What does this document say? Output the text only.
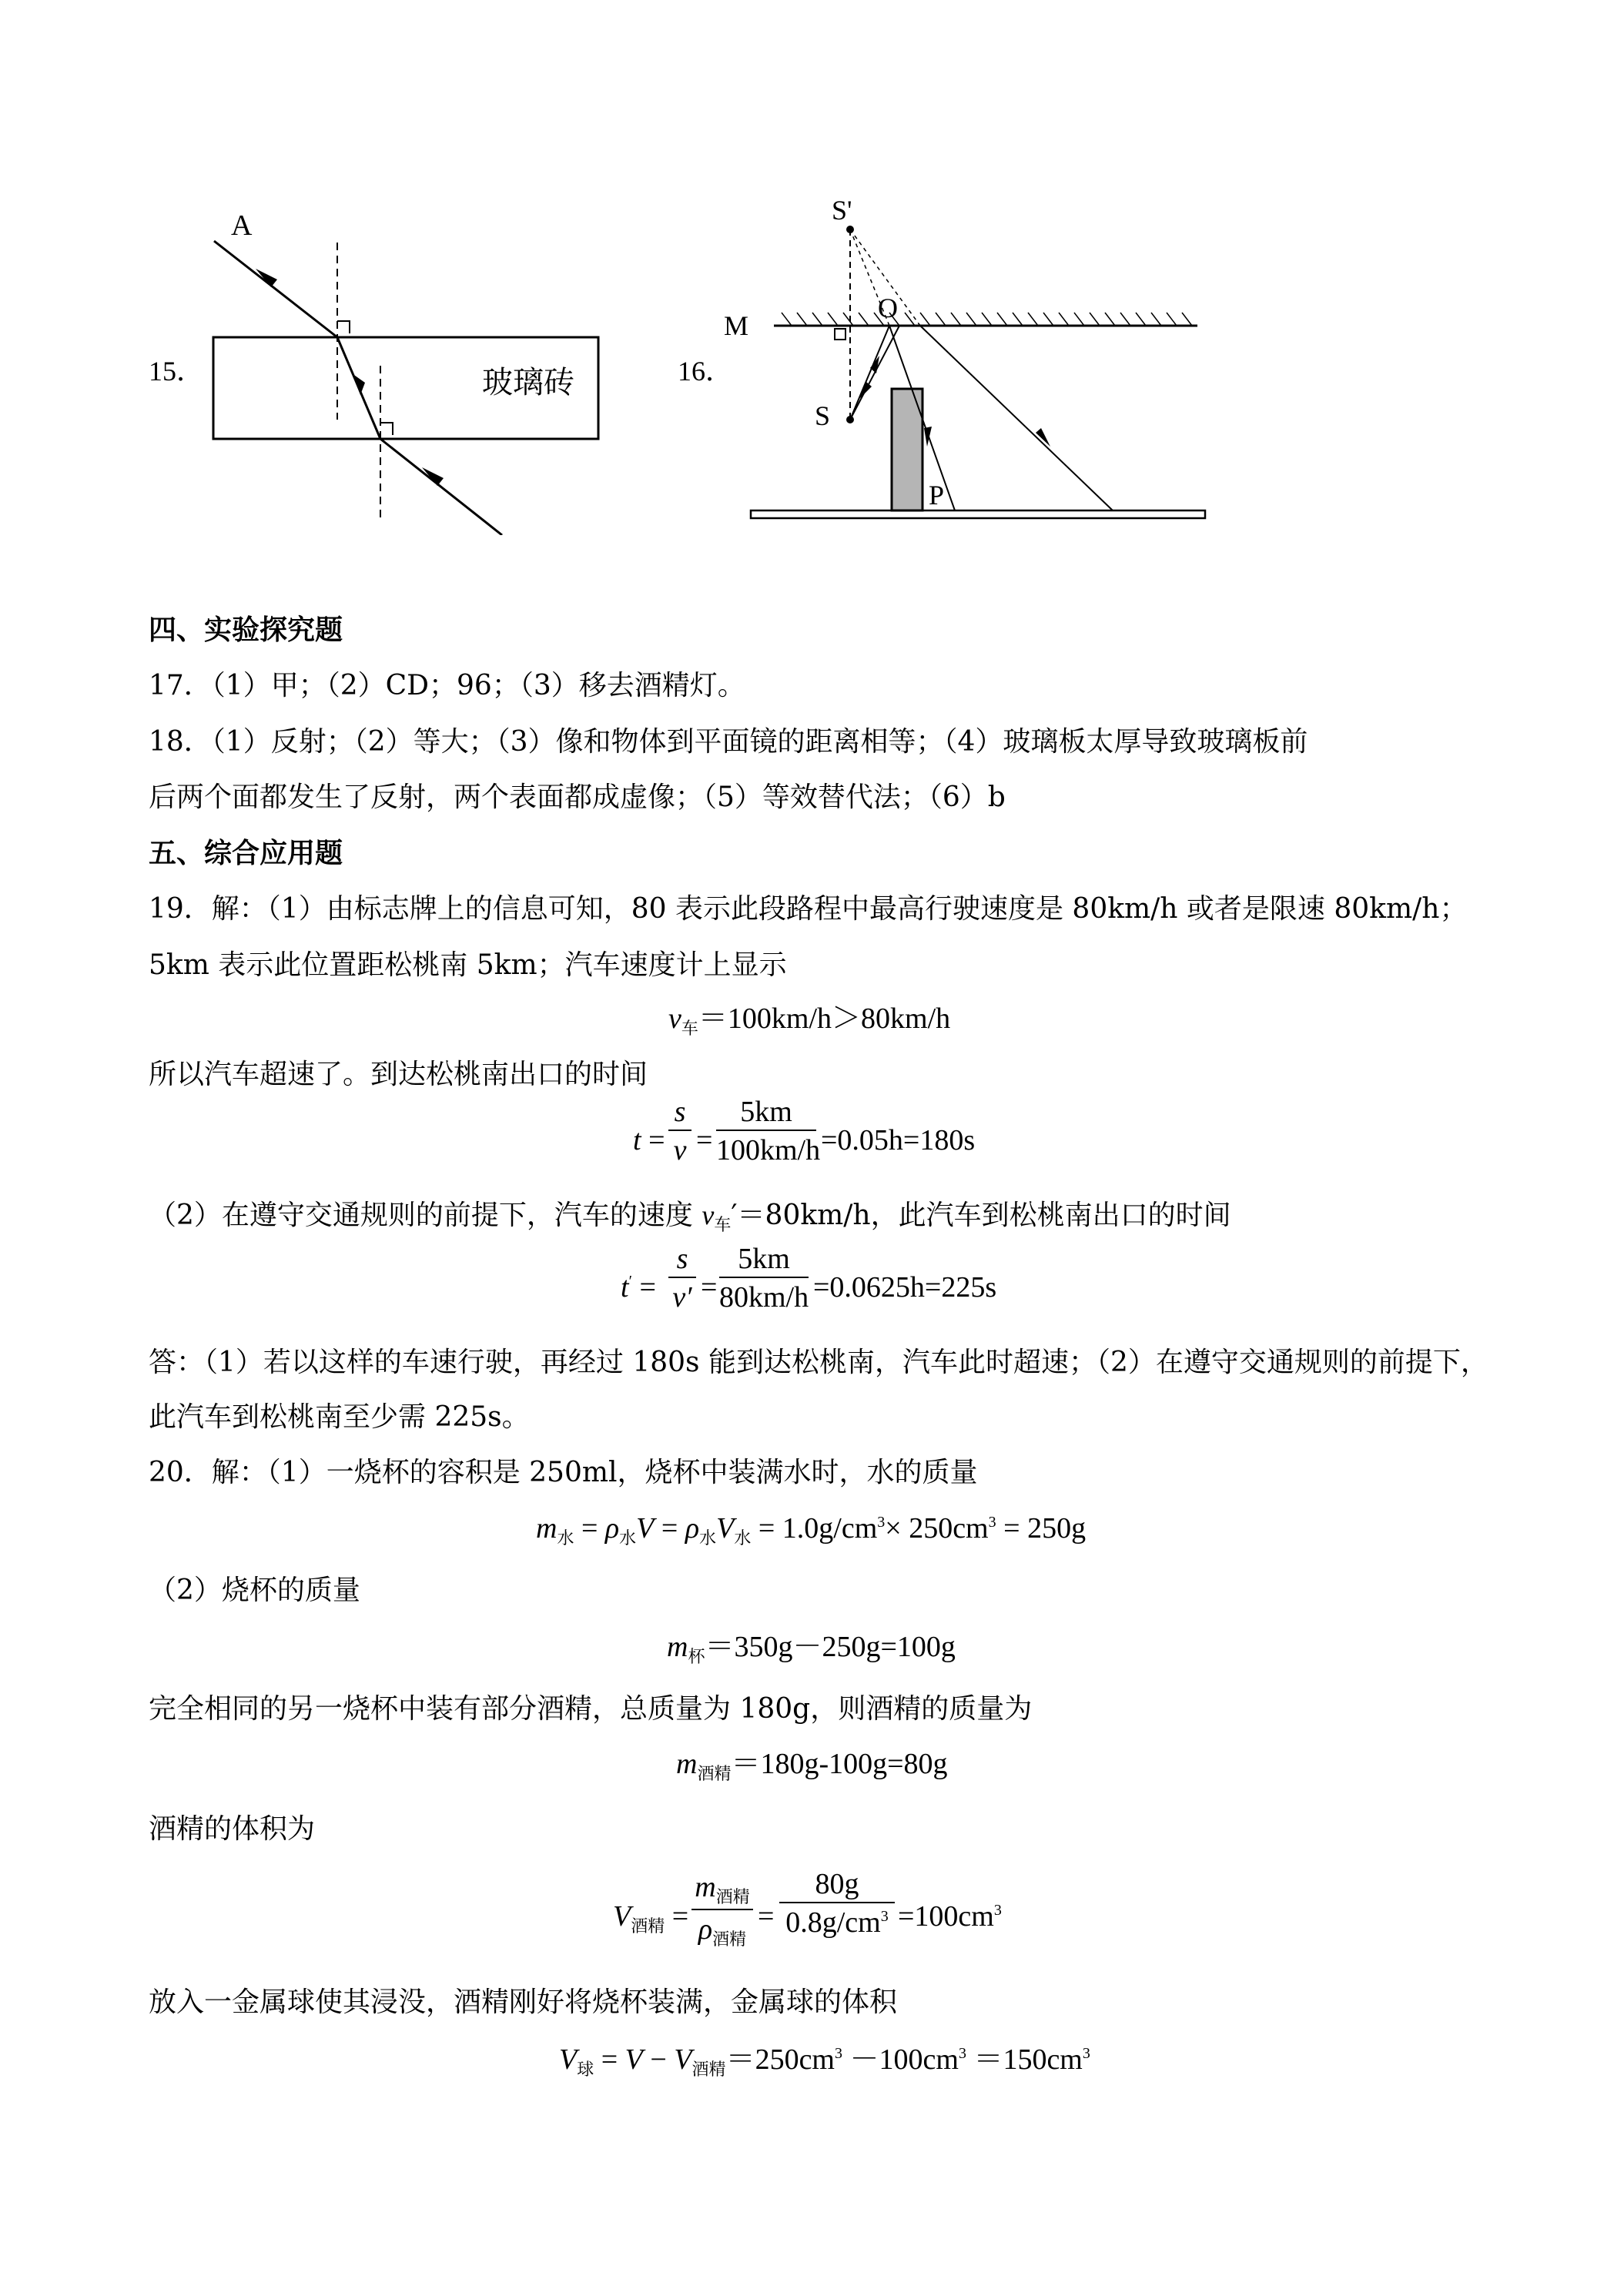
15．
A
玻璃砖	16．
S'
O
M
S
P
四、实验探究题
17．（1）甲；（2）CD；96；（3）移去酒精灯。
18．（1）反射；（2）等大；（3）像和物体到平面镜的距离相等；（4）玻璃板太厚导致玻璃板前
后两个面都发生了反射，两个表面都成虚像；（5）等效替代法；（6）b
五、综合应用题
19．解：（1）由标志牌上的信息可知，80 表示此段路程中最高行驶速度是 80km/h 或者是限速 80km/h；
5km 表示此位置距松桃南 5km；汽车速度计上显示
$v_车=100km/h>80km/h$
所以汽车超速了。到达松桃南出口的时间
t =
s
v =
5km
100km/h =0.05h=180s
（2）在遵守交通规则的前提下，汽车的速度 $v_车'=80km/h$，此汽车到松桃南出口的时间
t′ =
s
v′ =
5km
80km/h =0.0625h=225s
答：（1）若以这样的车速行驶，再经过 180s 能到达松桃南，汽车此时超速；（2）在遵守交通规则的前提下，
此汽车到松桃南至少需 225s。
20．解：（1）一烧杯的容积是 250ml，烧杯中装满水时，水的质量
$m_水 = \rho_水V = \rho_水V_水 = 1.0g/cm^3\times 250cm^3 = 250g$
（2）烧杯的质量
$m_杯=350g-250g=100g$
完全相同的另一烧杯中装有部分酒精，总质量为 180g，则酒精的质量为
$m_{酒精}=180g-100g=80g$
酒精的体积为
$V_{酒精}$ =
$m_{酒精}$
$\rho_{酒精}$
=
80g
$0.8g/cm^3 =100cm^3$
放入一金属球使其浸没，酒精刚好将烧杯装满，金属球的体积
$V_球 = V - V_{酒精}=250cm^3 -100cm^3 =150cm^3$
